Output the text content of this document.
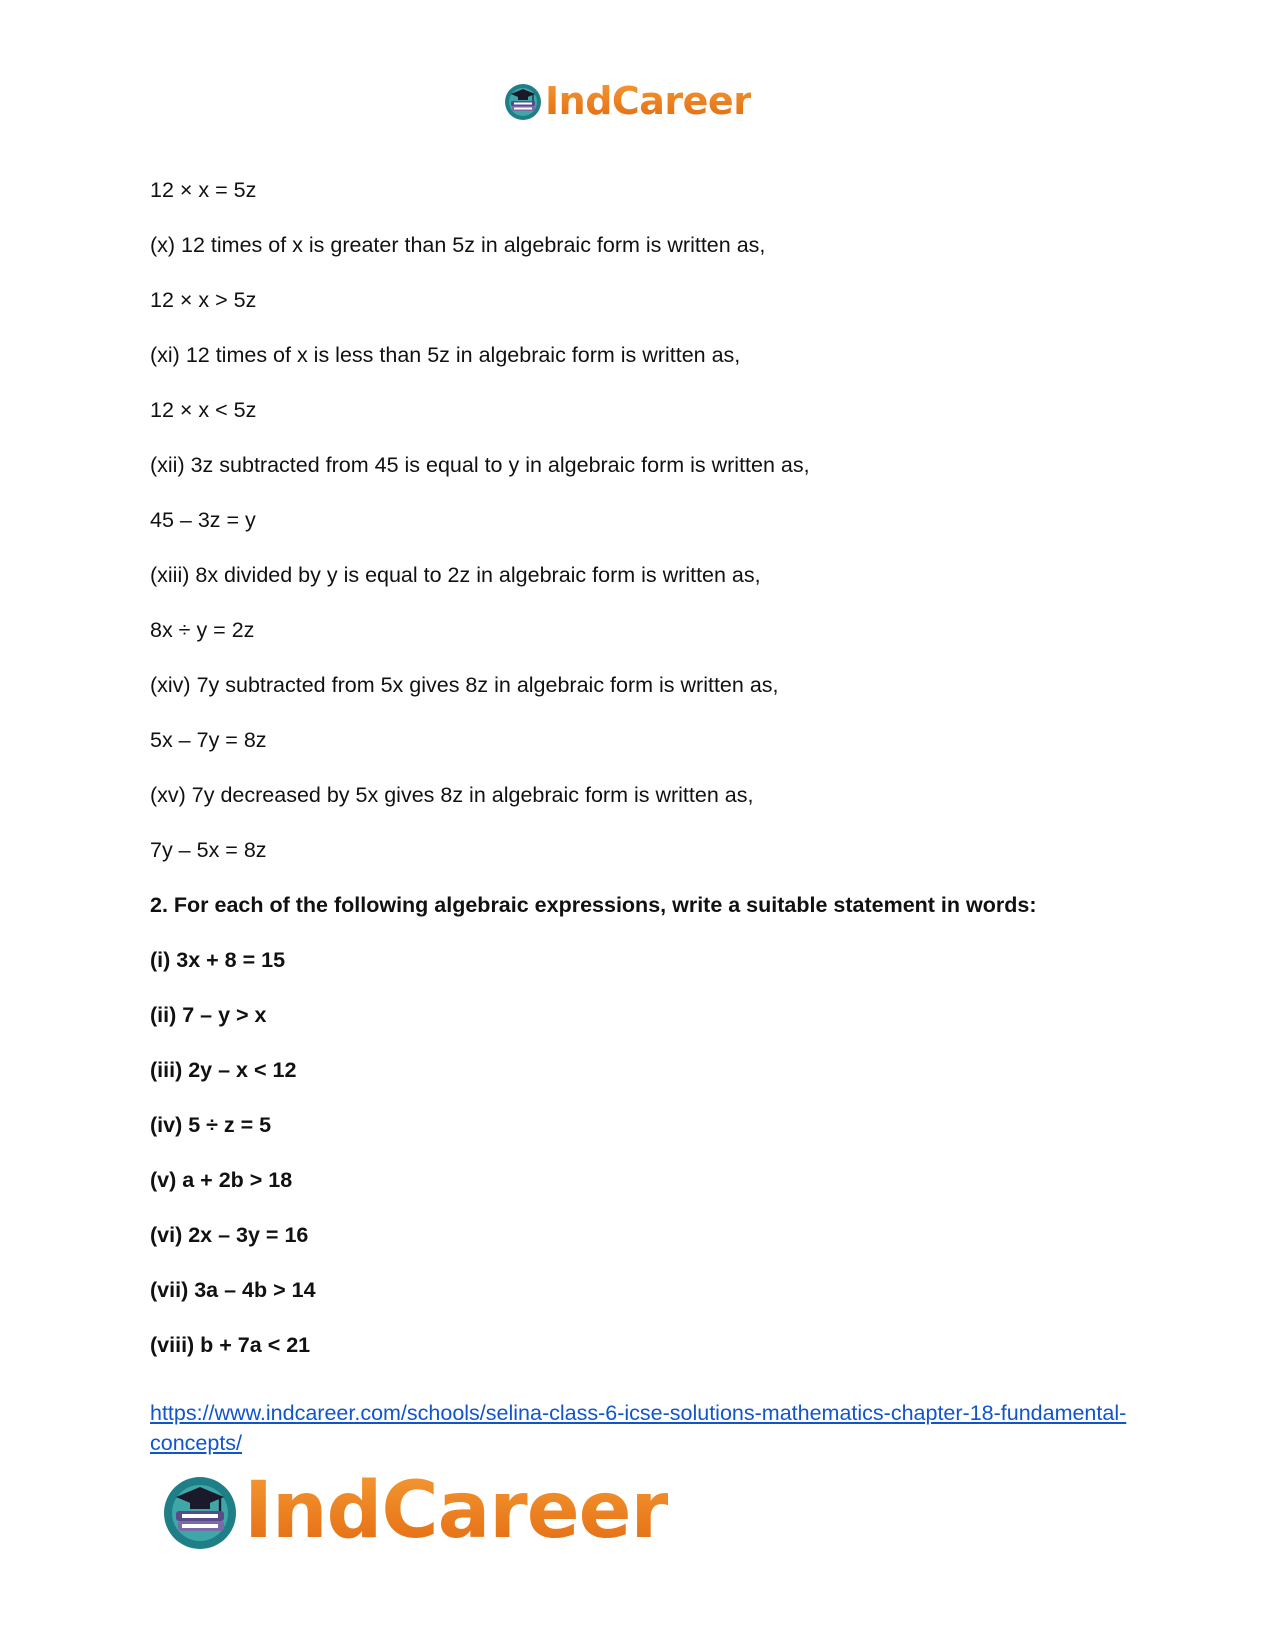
IndCareer
12 × x = 5z
(x) 12 times of x is greater than 5z in algebraic form is written as,
12 × x > 5z
(xi) 12 times of x is less than 5z in algebraic form is written as,
12 × x < 5z
(xii) 3z subtracted from 45 is equal to y in algebraic form is written as,
45 – 3z = y
(xiii) 8x divided by y is equal to 2z in algebraic form is written as,
8x ÷ y = 2z
(xiv) 7y subtracted from 5x gives 8z in algebraic form is written as,
5x – 7y = 8z
(xv) 7y decreased by 5x gives 8z in algebraic form is written as,
7y – 5x = 8z
2. For each of the following algebraic expressions, write a suitable statement in words:
(i) 3x + 8 = 15
(ii) 7 – y > x
(iii) 2y – x < 12
(iv) 5 ÷ z = 5
(v) a + 2b > 18
(vi) 2x – 3y = 16
(vii) 3a – 4b > 14
(viii) b + 7a < 21
https://www.indcareer.com/schools/selina-class-6-icse-solutions-mathematics-chapter-18-fundamental-concepts/
IndCareer
